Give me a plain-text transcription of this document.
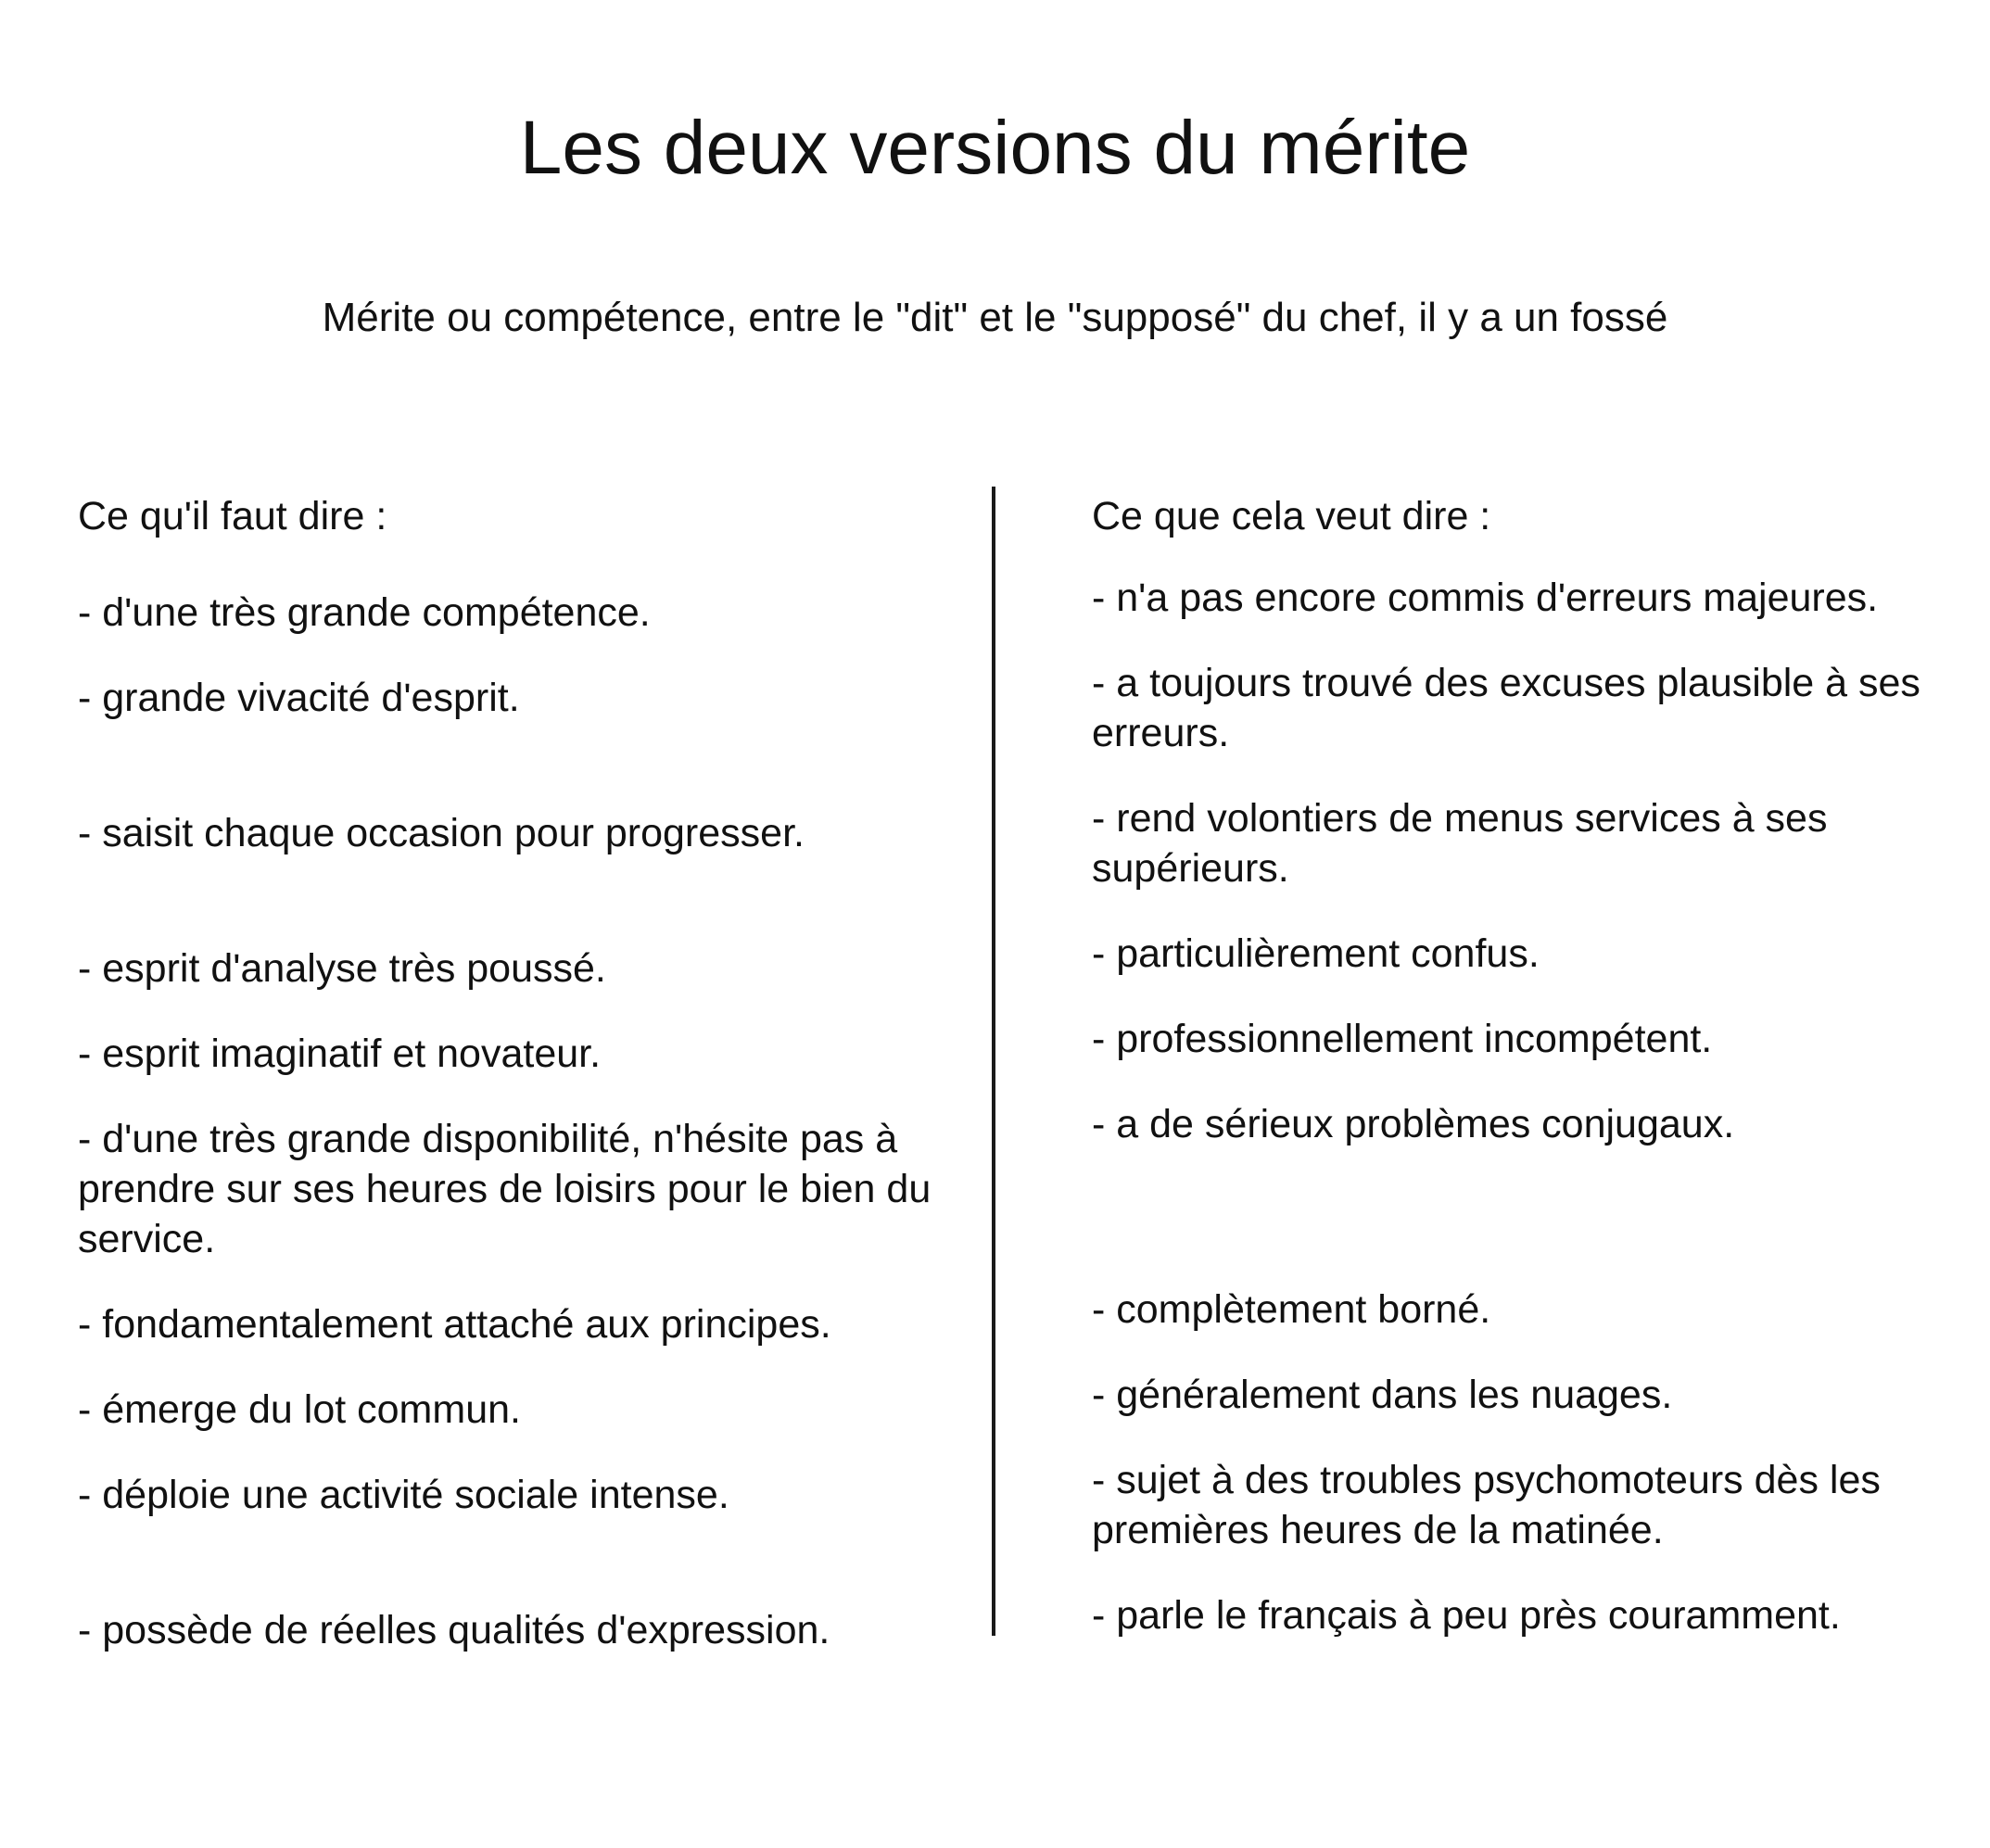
Les deux versions du mérite

Mérite ou compétence, entre le "dit" et le "supposé" du chef, il y a un fossé

Ce qu'il faut dire :

- d'une très grande compétence.

- grande vivacité d'esprit.

- saisit chaque occasion pour progresser.

- esprit d'analyse très poussé.

- esprit imaginatif et novateur.

- d'une très grande disponibilité, n'hésite pas à prendre sur ses heures de loisirs pour le bien du service.

- fondamentalement attaché aux principes.

- émerge du lot commun.

- déploie une activité sociale intense.

- possède de réelles qualités d'expression.

Ce que cela veut dire :

- n'a pas encore commis d'erreurs majeures.

- a toujours trouvé des excuses plausible à ses erreurs.

- rend volontiers de menus services à ses supérieurs.

- particulièrement confus.

- professionnellement incompétent.

- a de sérieux problèmes conjugaux.

- complètement borné.

- généralement dans les nuages.

- sujet à des troubles psychomoteurs dès les premières heures de la matinée.

- parle le français à peu près couramment.
